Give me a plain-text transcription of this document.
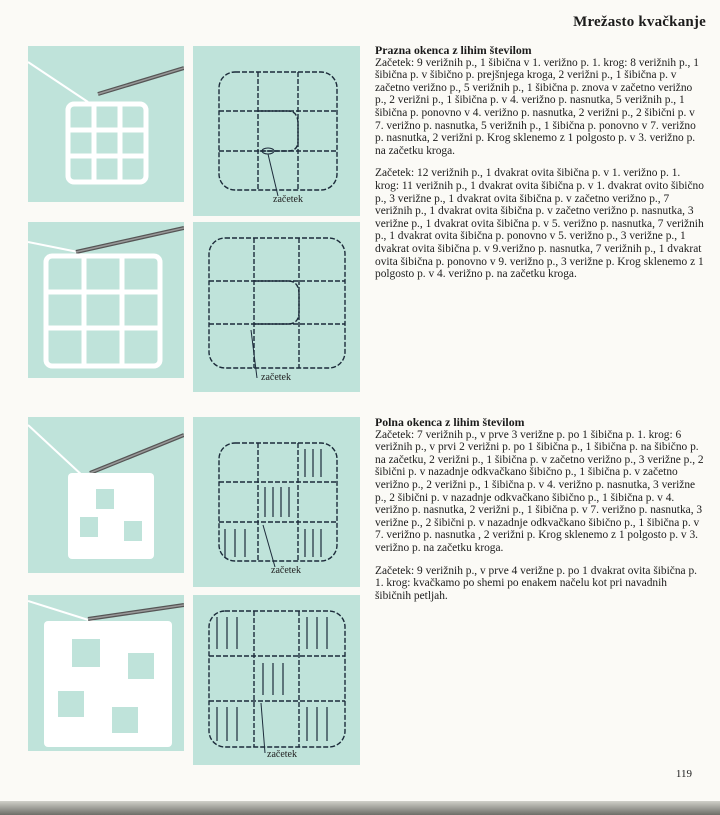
Mrežasto kvačkanje
začetek
začetek
začetek
začetek
Prazna okenca z lihim številom

Začetek: 9 verižnih p., 1 šibična v 1. verižno p. 1. krog: 8 verižnih p., 1 šibična p. v šibično p. prejšnjega kroga, 2 verižni p., 1 šibična p. v začetno verižno p., 5 verižnih p., 1 šibična p. znova v začetno verižno p., 2 verižni p., 1 šibična p. v 4. verižno p. nasnutka, 5 verižnih p., 1 šibična p. ponovno v 4. verižno p. nasnutka, 2 verižni p., 2 šibični p. v 7. verižno p. nasnutka, 5 verižnih p., 1 šibična p. ponovno v 7. verižno p. nasnutka, 2 verižni p. Krog sklenemo z 1 polgosto p. v 3. verižno p. na začetku kroga.

Začetek: 12 verižnih p., 1 dvakrat ovita šibična p. v 1. verižno p. 1. krog: 11 verižnih p., 1 dvakrat ovita šibična p. v 1. dvakrat ovito šibično p., 3 verižne p., 1 dvakrat ovita šibična p. v začetno verižno p., 7 verižnih p., 1 dvakrat ovita šibična p. v začetno verižno p. nasnutka, 3 verižne p., 1 dvakrat ovita šibična p. v 5. verižno p. nasnutka, 7 verižnih p., 1 dvakrat ovita šibična p. ponovno v 5. verižno p., 3 verižne p., 1 dvakrat ovita šibična p. v 9.verižno p. nasnutka, 7 verižnih p., 1 dvakrat ovita šibična p. ponovno v 9. verižno p., 3 verižne p. Krog sklenemo z 1 polgosto p. v 4. verižno p. na začetku kroga.

Polna okenca z lihim številom

Začetek: 7 verižnih p., v prve 3 verižne p. po 1 šibična p. 1. krog: 6 verižnih p., v prvi 2 verižni p. po 1 šibična p., 1 šibična p. na šibično p. na začetku, 2 verižni p., 1 šibična p. v začetno verižno p., 3 verižne p., 2 šibični p. v nazadnje odkvačkano šibično p., 1 šibična p. v začetno verižno p., 2 verižni p., 1 šibična p. v 4. verižno p. nasnutka, 3 verižne p., 2 šibični p. v nazadnje odkvačkano šibično p., 1 šibična p. v 4. verižno p. nasnutka, 2 verižni p., 1 šibična p. v 7. verižno p. nasnutka, 3 verižne p., 2 šibični p. v nazadnje odkvačkano šibično p., 1 šibična p. v 7. verižno p. nasnutka , 2 verižni p. Krog sklenemo z 1 polgosto p. v 3. verižno p. na začetku kroga.

Začetek: 9 verižnih p., v prve 4 verižne p. po 1 dvakrat ovita šibična p. 1. krog: kvačkamo po shemi po enakem načelu kot pri navadnih šibičnih petljah.

119
